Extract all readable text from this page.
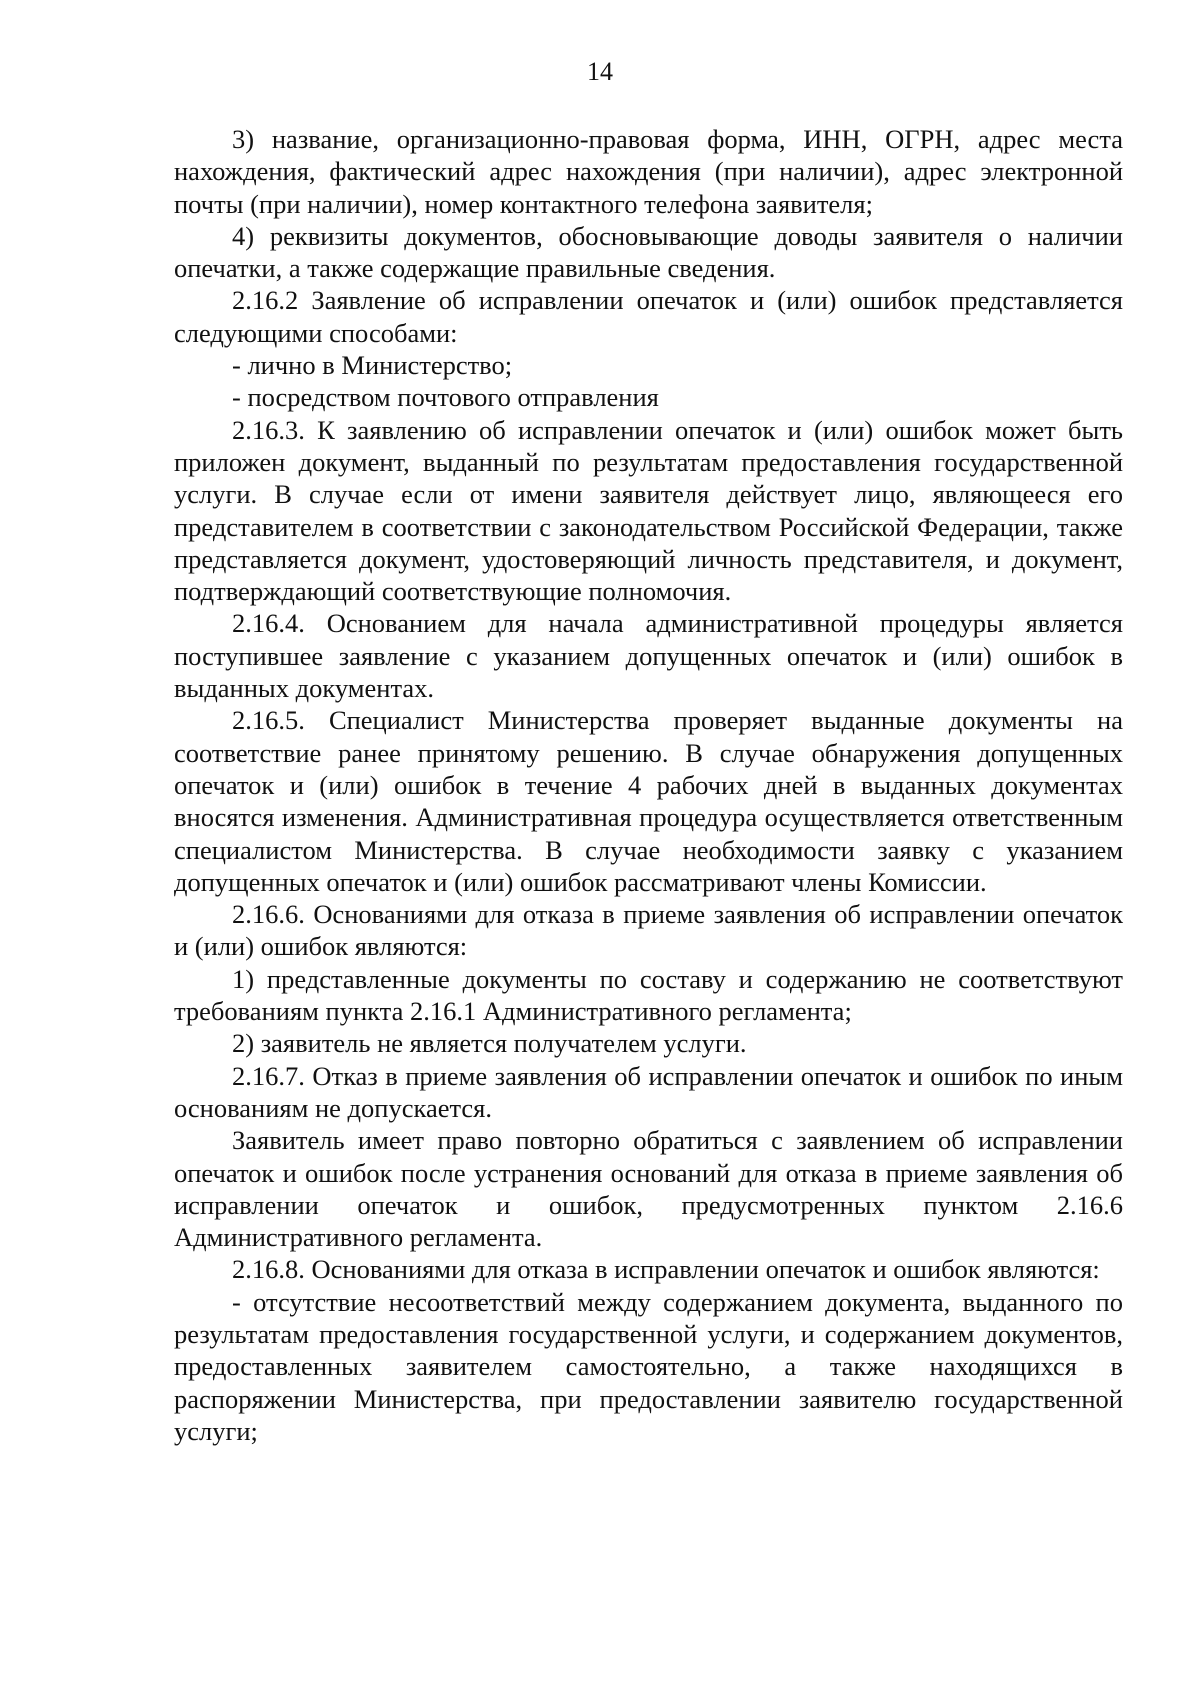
14

3) название, организационно-правовая форма, ИНН, ОГРН, адрес места нахождения, фактический адрес нахождения (при наличии), адрес электронной почты (при наличии), номер контактного телефона заявителя;

4) реквизиты документов, обосновывающие доводы заявителя о наличии опечатки, а также содержащие правильные сведения.

2.16.2 Заявление об исправлении опечаток и (или) ошибок представляется следующими способами:

- лично в Министерство;

- посредством почтового отправления

2.16.3. К заявлению об исправлении опечаток и (или) ошибок может быть приложен документ, выданный по результатам предоставления государственной услуги. В случае если от имени заявителя действует лицо, являющееся его представителем в соответствии с законодательством Российской Федерации, также представляется документ, удостоверяющий личность представителя, и документ, подтверждающий соответствующие полномочия.

2.16.4. Основанием для начала административной процедуры является поступившее заявление с указанием допущенных опечаток и (или) ошибок в выданных документах.

2.16.5. Специалист Министерства проверяет выданные документы на соответствие ранее принятому решению. В случае обнаружения допущенных опечаток и (или) ошибок в течение 4 рабочих дней в выданных документах вносятся изменения. Административная процедура осуществляется ответственным специалистом Министерства. В случае необходимости заявку с указанием допущенных опечаток и (или) ошибок рассматривают члены Комиссии.

2.16.6. Основаниями для отказа в приеме заявления об исправлении опечаток и (или) ошибок являются:

1) представленные документы по составу и содержанию не соответствуют требованиям пункта 2.16.1 Административного регламента;

2) заявитель не является получателем услуги.

2.16.7. Отказ в приеме заявления об исправлении опечаток и ошибок по иным основаниям не допускается.

Заявитель имеет право повторно обратиться с заявлением об исправлении опечаток и ошибок после устранения оснований для отказа в приеме заявления об исправлении опечаток и ошибок, предусмотренных пунктом 2.16.6 Административного регламента.

2.16.8. Основаниями для отказа в исправлении опечаток и ошибок являются:

- отсутствие несоответствий между содержанием документа, выданного по результатам предоставления государственной услуги, и содержанием документов, предоставленных заявителем самостоятельно, а также находящихся в распоряжении Министерства, при предоставлении заявителю государственной услуги;
